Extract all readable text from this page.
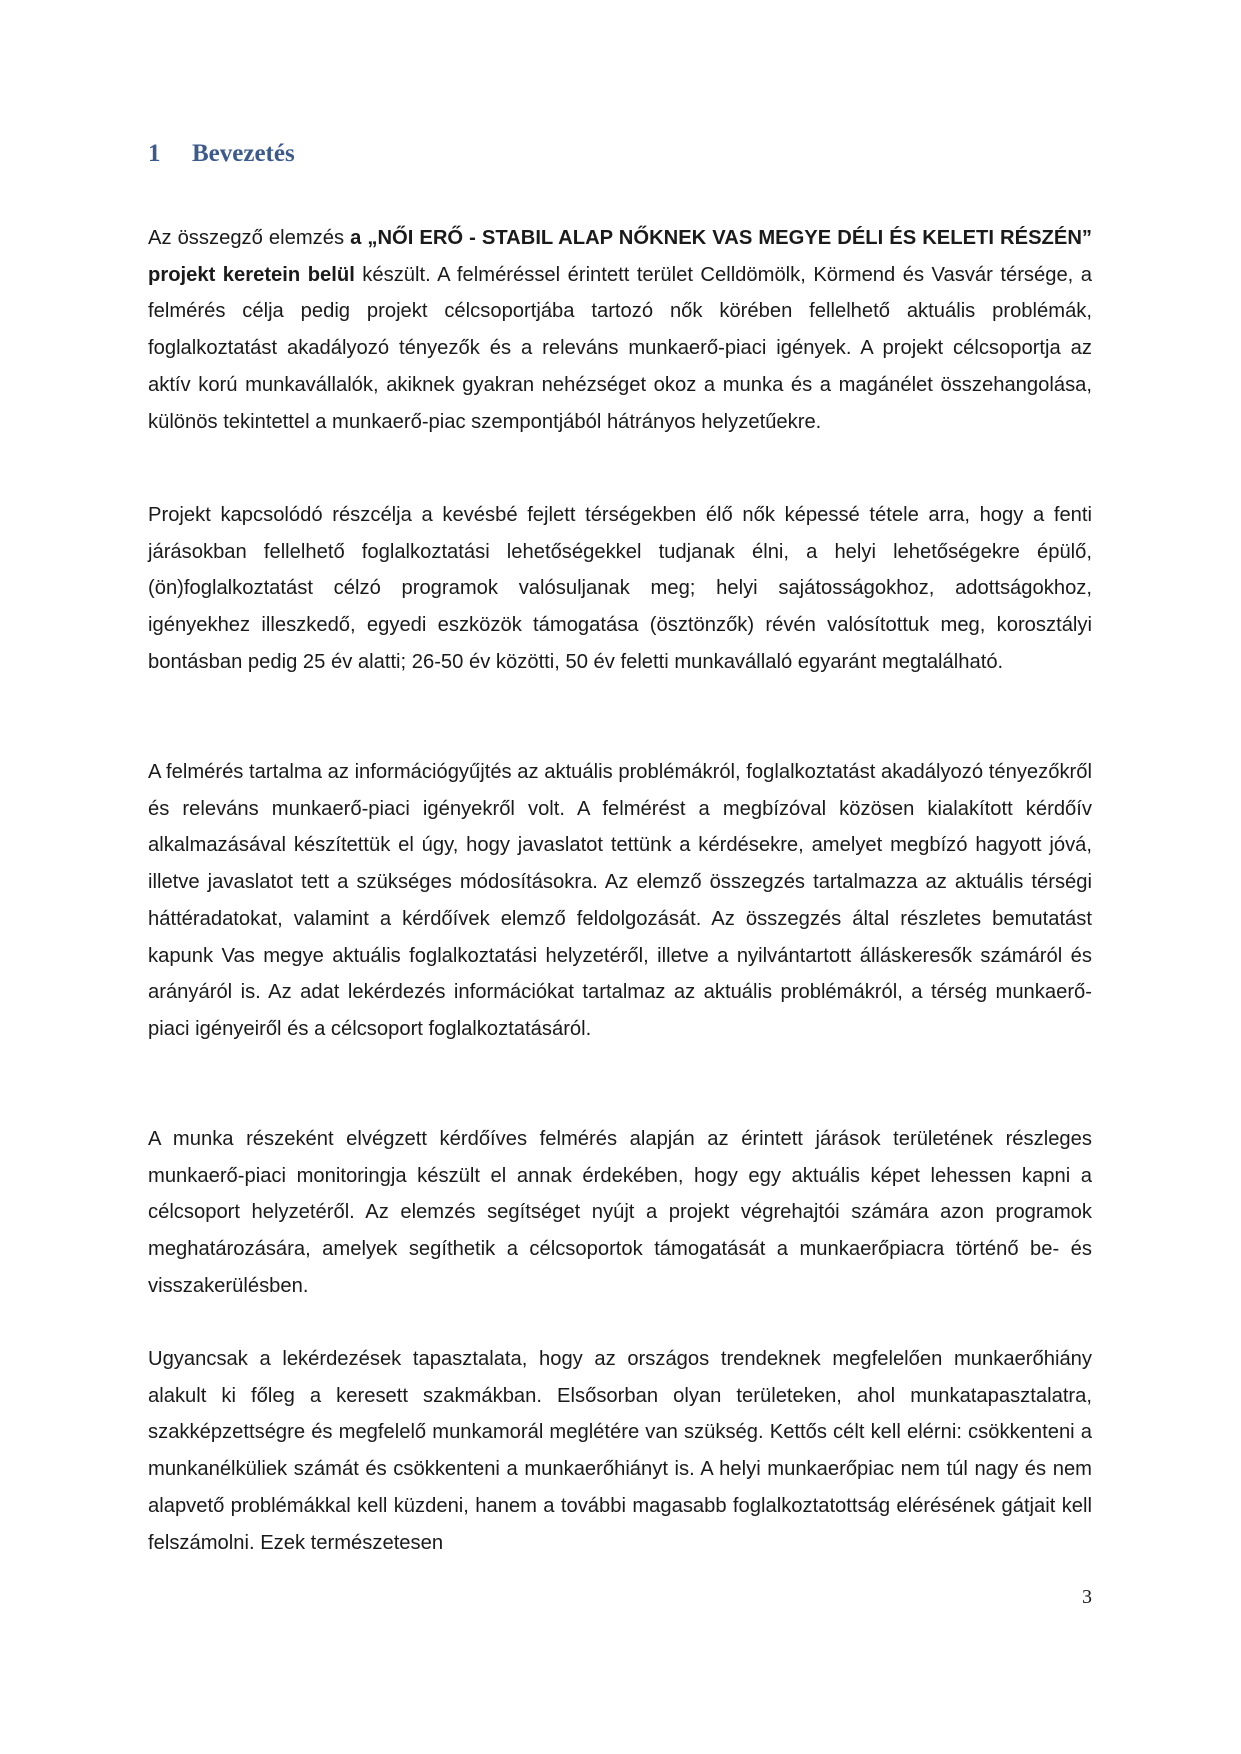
1 Bevezetés

Az összegző elemzés a „NŐI ERŐ - STABIL ALAP NŐKNEK VAS MEGYE DÉLI ÉS KELETI RÉSZÉN” projekt keretein belül készült. A felméréssel érintett terület Celldömölk, Körmend és Vasvár térsége, a felmérés célja pedig projekt célcsoportjába tartozó nők körében fellelhető aktuális problémák, foglalkoztatást akadályozó tényezők és a releváns munkaerő-piaci igények. A projekt célcsoportja az aktív korú munkavállalók, akiknek gyakran nehézséget okoz a munka és a magánélet összehangolása, különös tekintettel a munkaerő-piac szempontjából hátrányos helyzetűekre.

Projekt kapcsolódó részcélja a kevésbé fejlett térségekben élő nők képessé tétele arra, hogy a fenti járásokban fellelhető foglalkoztatási lehetőségekkel tudjanak élni, a helyi lehetőségekre épülő, (ön)foglalkoztatást célzó programok valósuljanak meg; helyi sajátosságokhoz, adottságokhoz, igényekhez illeszkedő, egyedi eszközök támogatása (ösztönzők) révén valósítottuk meg, korosztályi bontásban pedig 25 év alatti; 26-50 év közötti, 50 év feletti munkavállaló egyaránt megtalálható.

A felmérés tartalma az információgyűjtés az aktuális problémákról, foglalkoztatást akadályozó tényezőkről és releváns munkaerő-piaci igényekről volt. A felmérést a megbízóval közösen kialakított kérdőív alkalmazásával készítettük el úgy, hogy javaslatot tettünk a kérdésekre, amelyet megbízó hagyott jóvá, illetve javaslatot tett a szükséges módosításokra. Az elemző összegzés tartalmazza az aktuális térségi háttéradatokat, valamint a kérdőívek elemző feldolgozását. Az összegzés által részletes bemutatást kapunk Vas megye aktuális foglalkoztatási helyzetéről, illetve a nyilvántartott álláskeresők számáról és arányáról is. Az adat lekérdezés információkat tartalmaz az aktuális problémákról, a térség munkaerő-piaci igényeiről és a célcsoport foglalkoztatásáról.

A munka részeként elvégzett kérdőíves felmérés alapján az érintett járások területének részleges munkaerő-piaci monitoringja készült el annak érdekében, hogy egy aktuális képet lehessen kapni a célcsoport helyzetéről. Az elemzés segítséget nyújt a projekt végrehajtói számára azon programok meghatározására, amelyek segíthetik a célcsoportok támogatását a munkaerőpiacra történő be- és visszakerülésben.

Ugyancsak a lekérdezések tapasztalata, hogy az országos trendeknek megfelelően munkaerőhiány alakult ki főleg a keresett szakmákban. Elsősorban olyan területeken, ahol munkatapasztalatra, szakképzettségre és megfelelő munkamorál meglétére van szükség. Kettős célt kell elérni: csökkenteni a munkanélküliek számát és csökkenteni a munkaerőhiányt is. A helyi munkaerőpiac nem túl nagy és nem alapvető problémákkal kell küzdeni, hanem a további magasabb foglalkoztatottság elérésének gátjait kell felszámolni. Ezek természetesen

3
